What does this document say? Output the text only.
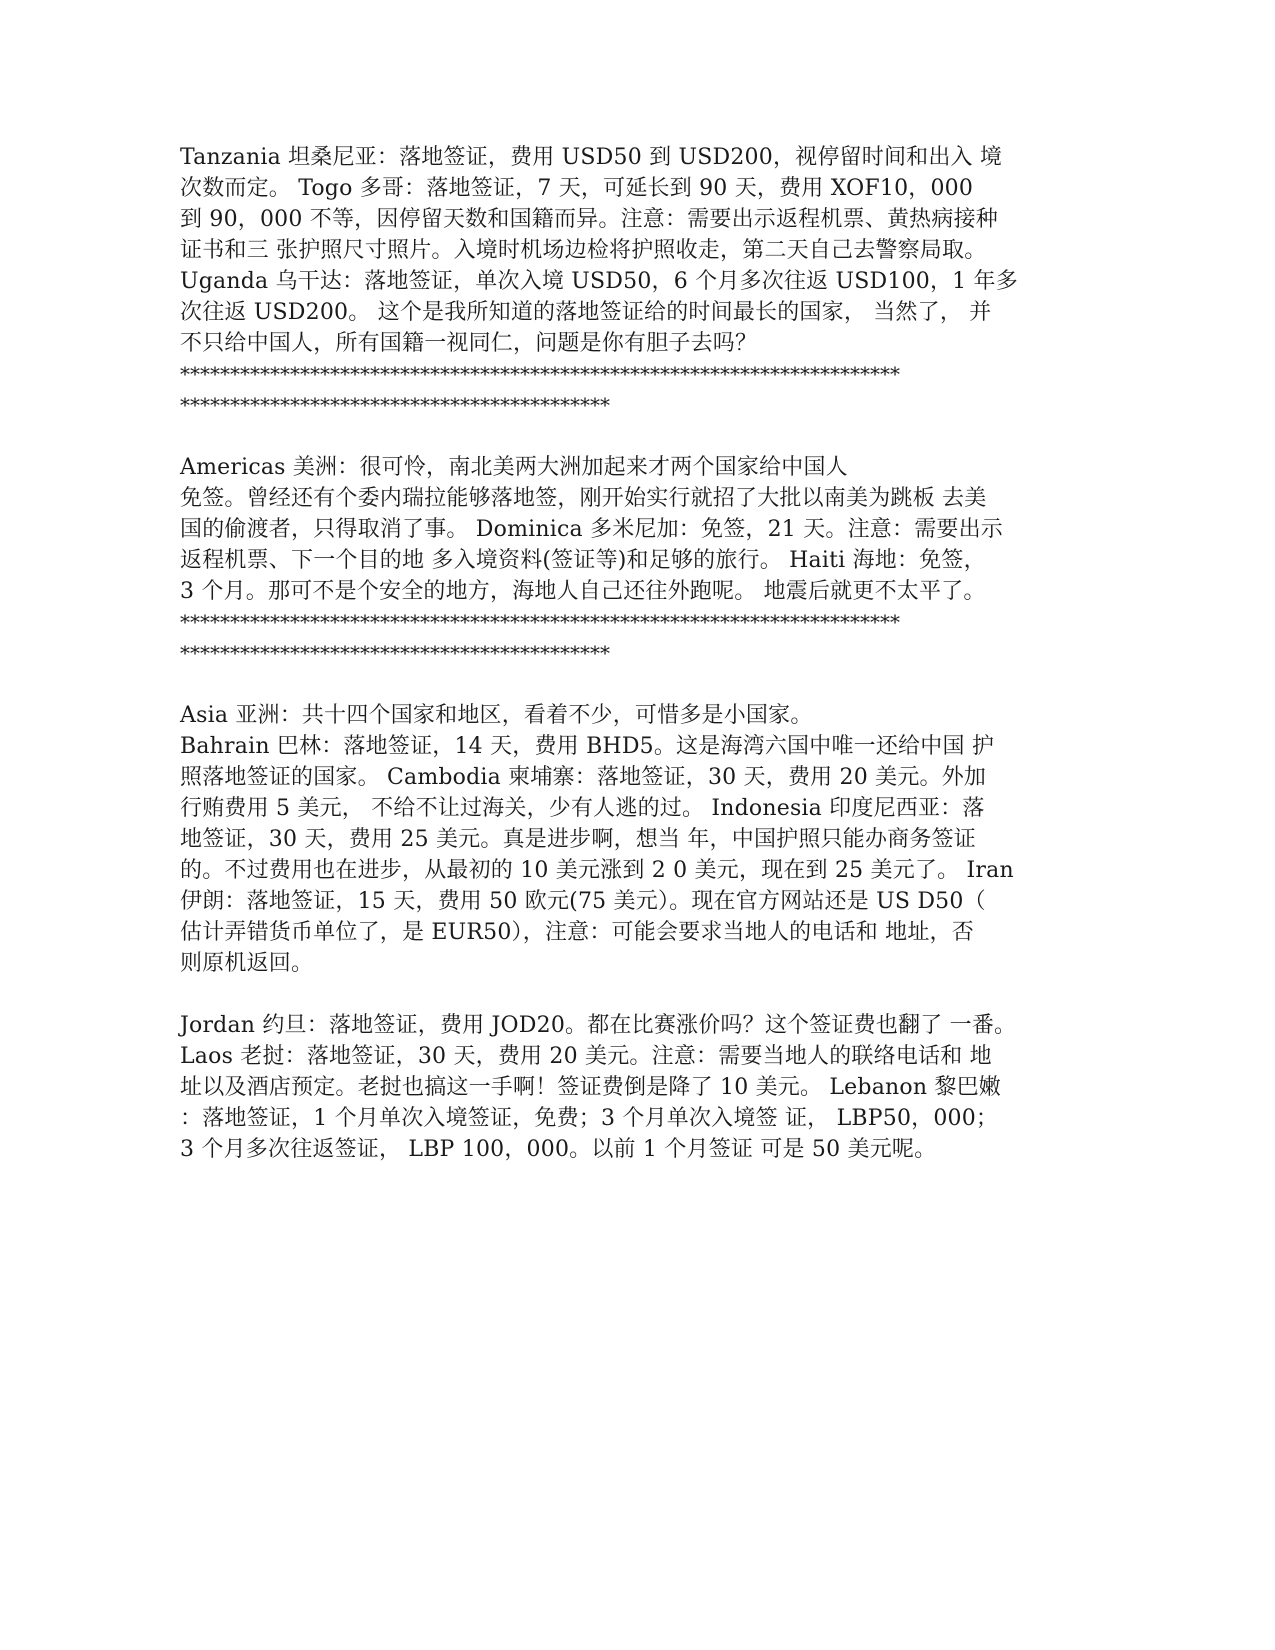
Tanzania 坦桑尼亚：落地签证，费用 USD50 到 USD200，视停留时间和出入 境
次数而定。 Togo 多哥：落地签证，7 天，可延长到 90 天，费用 XOF10，000
到 90，000 不等，因停留天数和国籍而异。注意：需要出示返程机票、黄热病接种
证书和三 张护照尺寸照片。入境时机场边检将护照收走，第二天自己去警察局取。
Uganda 乌干达：落地签证，单次入境 USD50，6 个月多次往返 USD100，1 年多
次往返 USD200。 这个是我所知道的落地签证给的时间最长的国家， 当然了， 并
不只给中国人，所有国籍一视同仁，问题是你有胆子去吗？
************************************************************************
*******************************************
Americas 美洲：很可怜，南北美两大洲加起来才两个国家给中国人
免签。曾经还有个委内瑞拉能够落地签，刚开始实行就招了大批以南美为跳板 去美
国的偷渡者，只得取消了事。 Dominica 多米尼加：免签，21 天。注意：需要出示
返程机票、下一个目的地 多入境资料(签证等)和足够的旅行。 Haiti 海地：免签，
3 个月。那可不是个安全的地方，海地人自己还往外跑呢。 地震后就更不太平了。
************************************************************************
*******************************************
Asia 亚洲：共十四个国家和地区，看着不少，可惜多是小国家。
Bahrain 巴林：落地签证，14 天，费用 BHD5。这是海湾六国中唯一还给中国 护
照落地签证的国家。 Cambodia 柬埔寨：落地签证，30 天，费用 20 美元。外加
行贿费用 5 美元， 不给不让过海关，少有人逃的过。 Indonesia 印度尼西亚：落
地签证，30 天，费用 25 美元。真是进步啊，想当 年，中国护照只能办商务签证
的。不过费用也在进步，从最初的 10 美元涨到 2 0 美元，现在到 25 美元了。 Iran
伊朗：落地签证，15 天，费用 50 欧元(75 美元）。现在官方网站还是 US D50（
估计弄错货币单位了，是 EUR50），注意：可能会要求当地人的电话和 地址，否
则原机返回。
Jordan 约旦：落地签证，费用 JOD20。都在比赛涨价吗？这个签证费也翻了 一番。
Laos 老挝：落地签证，30 天，费用 20 美元。注意：需要当地人的联络电话和 地
址以及酒店预定。老挝也搞这一手啊！签证费倒是降了 10 美元。 Lebanon 黎巴嫩
：落地签证，1 个月单次入境签证，免费；3 个月单次入境签 证， LBP50，000；
3 个月多次往返签证， LBP 100，000。以前 1 个月签证 可是 50 美元呢。
